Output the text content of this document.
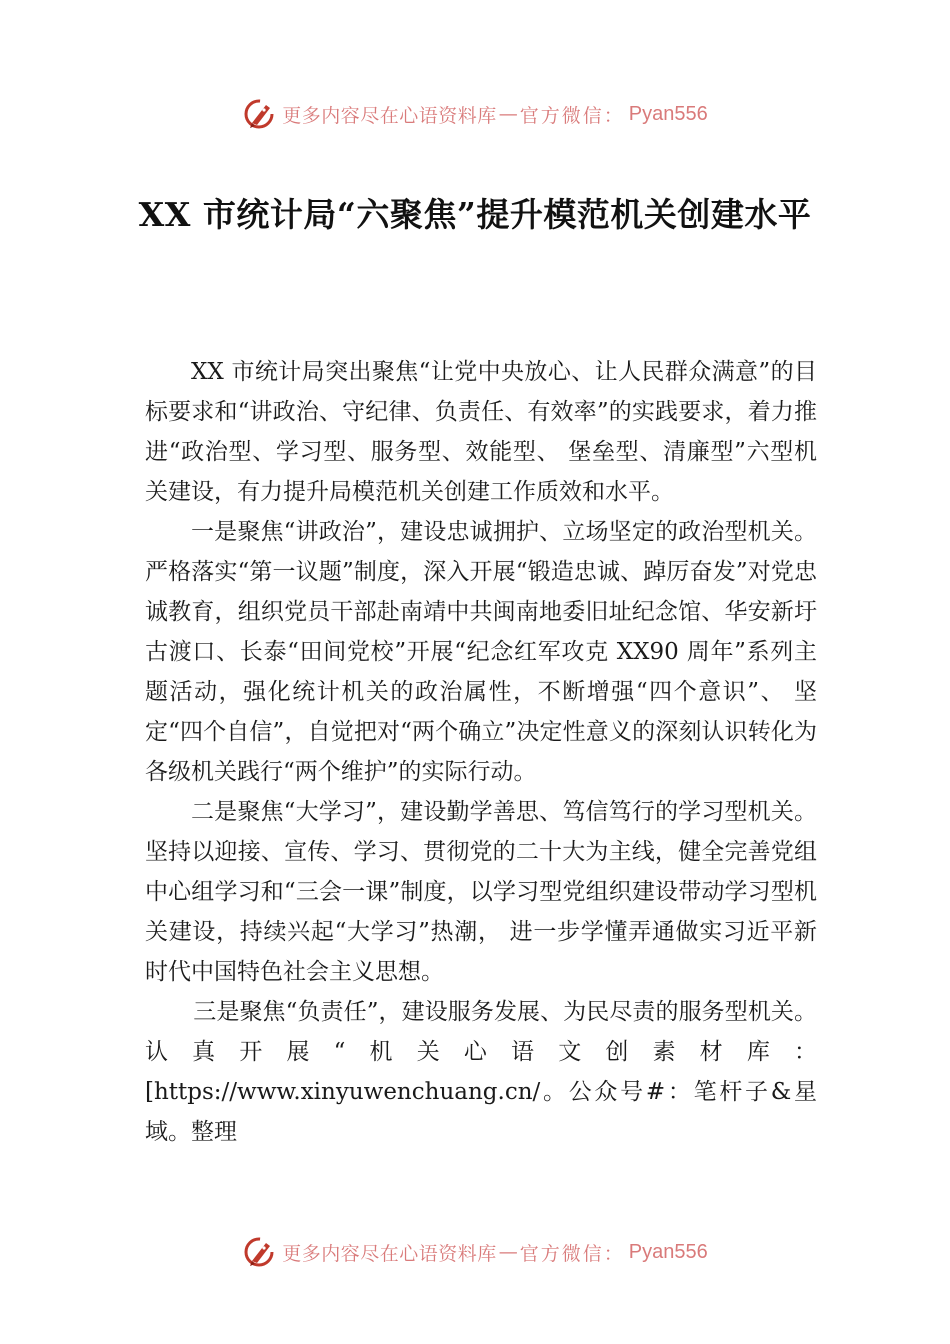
更多内容尽在心语资料库 — 官方微信： Pyan556
XX 市统计局“六聚焦”提升模范机关创建水平

XX 市统计局突出聚焦“让党中央放心、让人民群众满意”的目标要求和“讲政治、守纪律、负责任、有效率”的实践要求，着力推进“政治型、学习型、服务型、效能型、 堡垒型、清廉型”六型机关建设，有力提升局模范机关创建工作质效和水平。

一是聚焦“讲政治”，建设忠诚拥护、立场坚定的政治型机关。严格落实“第一议题”制度，深入开展“锻造忠诚、踔厉奋发”对党忠诚教育，组织党员干部赴南靖中共闽南地委旧址纪念馆、华安新圩古渡口、长泰“田间党校”开展“纪念红军攻克 XX90 周年”系列主题活动，强化统计机关的政治属性，不断增强“四个意识”、 坚定“四个自信”，自觉把对“两个确立”决定性意义的深刻认识转化为各级机关践行“两个维护”的实际行动。

二是聚焦“大学习”，建设勤学善思、笃信笃行的学习型机关。坚持以迎接、宣传、学习、贯彻党的二十大为主线，健全完善党组中心组学习和“三会一课”制度，以学习型党组织建设带动学习型机关建设，持续兴起“大学习”热潮， 进一步学懂弄通做实习近平新时代中国特色社会主义思想。

三是聚焦“负责任”，建设服务发展、为民尽责的服务型机关。认真开展“机关心语文创素材库：[https://www.xinyuwenchuang.cn/。公众号#：笔杆子&星域。整理

更多内容尽在心语资料库 — 官方微信： Pyan556
